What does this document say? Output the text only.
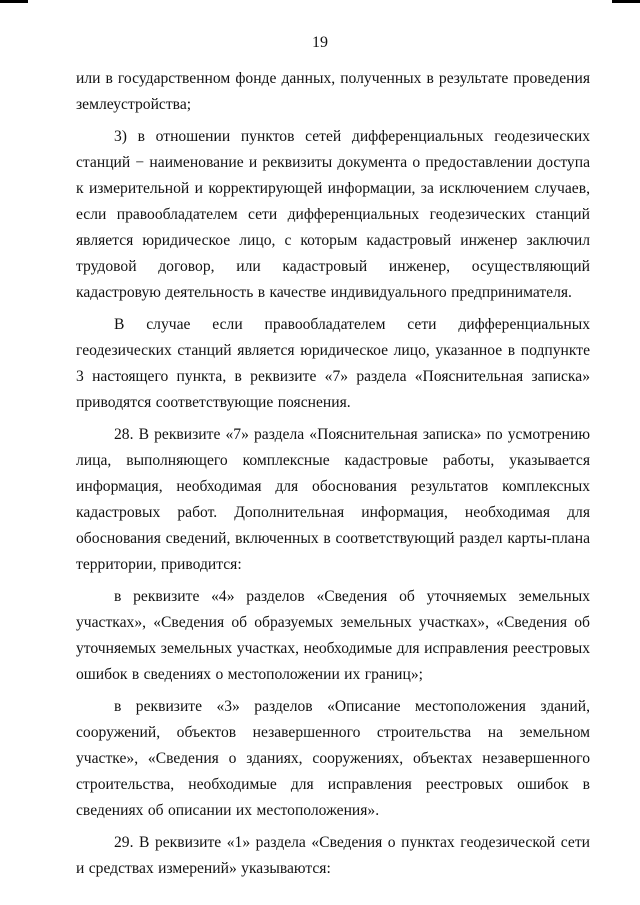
19

или в государственном фонде данных, полученных в результате проведения землеустройства;

3) в отношении пунктов сетей дифференциальных геодезических станций − наименование и реквизиты документа о предоставлении доступа к измерительной и корректирующей информации, за исключением случаев, если правообладателем сети дифференциальных геодезических станций является юридическое лицо, с которым кадастровый инженер заключил трудовой договор, или кадастровый инженер, осуществляющий кадастровую деятельность в качестве индивидуального предпринимателя.

В случае если правообладателем сети дифференциальных геодезических станций является юридическое лицо, указанное в подпункте 3 настоящего пункта, в реквизите «7» раздела «Пояснительная записка» приводятся соответствующие пояснения.

28. В реквизите «7» раздела «Пояснительная записка» по усмотрению лица, выполняющего комплексные кадастровые работы, указывается информация, необходимая для обоснования результатов комплексных кадастровых работ. Дополнительная информация, необходимая для обоснования сведений, включенных в соответствующий раздел карты-плана территории, приводится:

в реквизите «4» разделов «Сведения об уточняемых земельных участках», «Сведения об образуемых земельных участках», «Сведения об уточняемых земельных участках, необходимые для исправления реестровых ошибок в сведениях о местоположении их границ»;

в реквизите «3» разделов «Описание местоположения зданий, сооружений, объектов незавершенного строительства на земельном участке», «Сведения о зданиях, сооружениях, объектах незавершенного строительства, необходимые для исправления реестровых ошибок в сведениях об описании их местоположения».

29. В реквизите «1» раздела «Сведения о пунктах геодезической сети и средствах измерений» указываются:
